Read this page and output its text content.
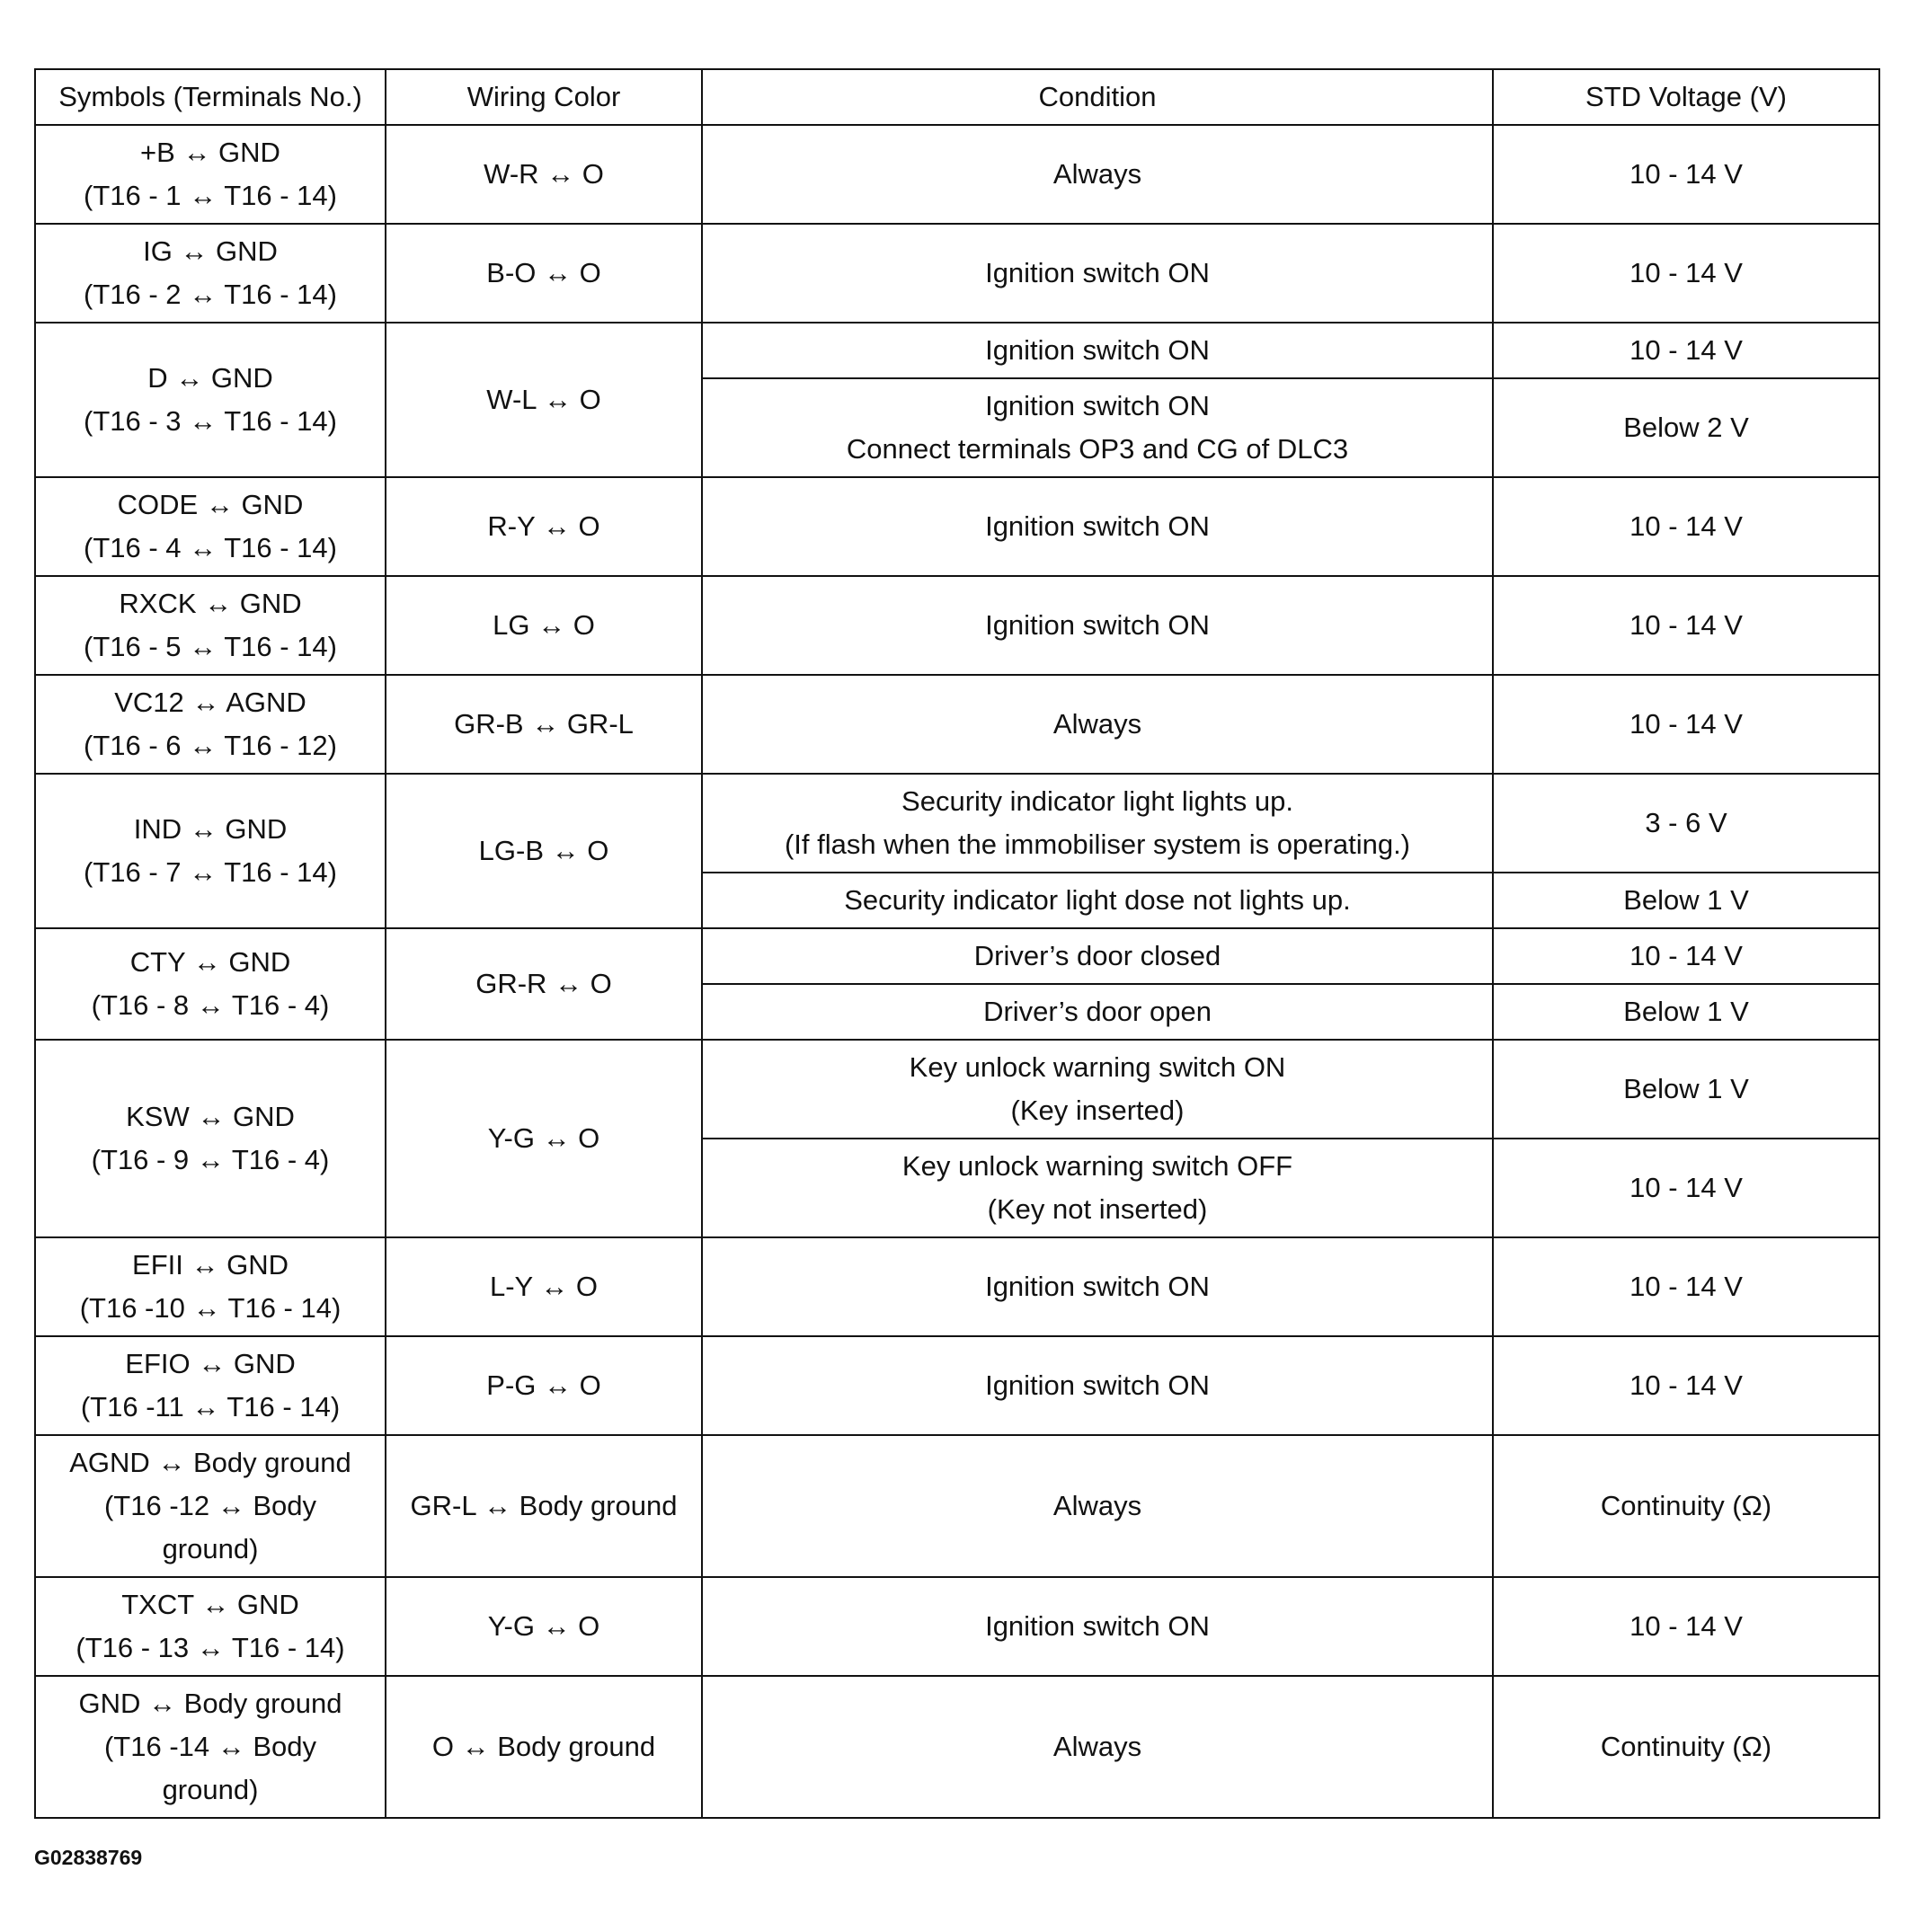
Symbols (Terminals No.)	Wiring Color	Condition	STD Voltage (V)

+B ↔ GND
(T16 - 1 ↔ T16 - 14)	W-R ↔ O	Always	10 - 14 V

IG ↔ GND
(T16 - 2 ↔ T16 - 14)	B-O ↔ O	Ignition switch ON	10 - 14 V

D ↔ GND
(T16 - 3 ↔ T16 - 14)	W-L ↔ O	Ignition switch ON	10 - 14 V

		Ignition switch ON
Connect terminals OP3 and CG of DLC3	Below 2 V

CODE ↔ GND
(T16 - 4 ↔ T16 - 14)	R-Y ↔ O	Ignition switch ON	10 - 14 V

RXCK ↔ GND
(T16 - 5 ↔ T16 - 14)	LG ↔ O	Ignition switch ON	10 - 14 V

VC12 ↔ AGND
(T16 - 6 ↔ T16 - 12)	GR-B ↔ GR-L	Always	10 - 14 V

IND ↔ GND
(T16 - 7 ↔ T16 - 14)	LG-B ↔ O	Security indicator light lights up.
(If flash when the immobiliser system is operating.)	3 - 6 V

		Security indicator light dose not lights up.	Below 1 V

CTY ↔ GND
(T16 - 8 ↔ T16 - 4)	GR-R ↔ O	Driver’s door closed	10 - 14 V

		Driver’s door open	Below 1 V

KSW ↔ GND
(T16 - 9 ↔ T16 - 4)	Y-G ↔ O	Key unlock warning switch ON
(Key inserted)	Below 1 V

		Key unlock warning switch OFF
(Key not inserted)	10 - 14 V

EFII ↔ GND
(T16 -10 ↔ T16 - 14)	L-Y ↔ O	Ignition switch ON	10 - 14 V

EFIO ↔ GND
(T16 -11 ↔ T16 - 14)	P-G ↔ O	Ignition switch ON	10 - 14 V

AGND ↔ Body ground
(T16 -12 ↔ Body
ground)	GR-L ↔ Body ground	Always	Continuity (Ω)

TXCT ↔ GND
(T16 - 13 ↔ T16 - 14)	Y-G ↔ O	Ignition switch ON	10 - 14 V

GND ↔ Body ground
(T16 -14 ↔ Body
ground)	O ↔ Body ground	Always	Continuity (Ω)
G02838769
